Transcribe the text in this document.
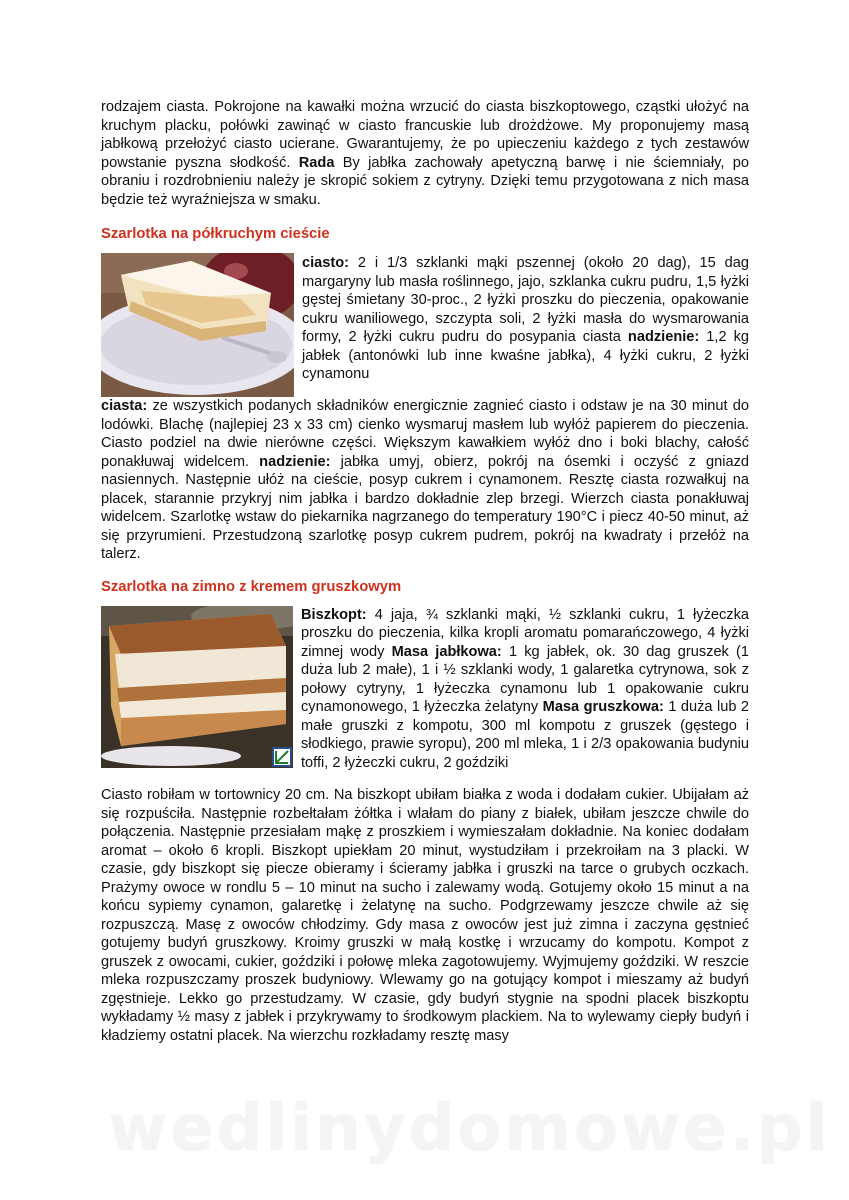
rodzajem ciasta. Pokrojone na kawałki można wrzucić do ciasta biszkoptowego, cząstki ułożyć na kruchym placku, połówki zawinąć w ciasto francuskie lub drożdżowe. My proponujemy masą jabłkową przełożyć ciasto ucierane. Gwarantujemy, że po upieczeniu każdego z tych zestawów powstanie pyszna słodkość. Rada By jabłka zachowały apetyczną barwę i nie ściemniały, po obraniu i rozdrobnieniu należy je skropić sokiem z cytryny. Dzięki temu przygotowana z nich masa będzie też wyraźniejsza w smaku.

Szarlotka na półkruchym cieście

ciasto: 2 i 1/3 szklanki mąki pszennej (około 20 dag), 15 dag margaryny lub masła roślinnego, jajo, szklanka cukru pudru, 1,5 łyżki gęstej śmietany 30-proc., 2 łyżki proszku do pieczenia, opakowanie cukru waniliowego, szczypta soli, 2 łyżki masła do wysmarowania formy, 2 łyżki cukru pudru do posypania ciasta nadzienie: 1,2 kg jabłek (antonówki lub inne kwaśne jabłka), 4 łyżki cukru, 2 łyżki cynamonu

ciasta: ze wszystkich podanych składników energicznie zagnieć ciasto i odstaw je na 30 minut do lodówki. Blachę (najlepiej 23 x 33 cm) cienko wysmaruj masłem lub wyłóż papierem do pieczenia. Ciasto podziel na dwie nierówne części. Większym kawałkiem wyłóż dno i boki blachy, całość ponakłuwaj widelcem. nadzienie: jabłka umyj, obierz, pokrój na ósemki i oczyść z gniazd nasiennych. Następnie ułóż na cieście, posyp cukrem i cynamonem. Resztę ciasta rozwałkuj na placek, starannie przykryj nim jabłka i bardzo dokładnie zlep brzegi. Wierzch ciasta ponakłuwaj widelcem. Szarlotkę wstaw do piekarnika nagrzanego do temperatury 190°C i piecz 40-50 minut, aż się przyrumieni. Przestudzoną szarlotkę posyp cukrem pudrem, pokrój na kwadraty i przełóż na talerz.

Szarlotka na zimno z kremem gruszkowym

Biszkopt: 4 jaja, ¾ szklanki mąki, ½ szklanki cukru, 1 łyżeczka proszku do pieczenia, kilka kropli aromatu pomarańczowego, 4 łyżki zimnej wody Masa jabłkowa: 1 kg jabłek, ok. 30 dag gruszek (1 duża lub 2 małe), 1 i ½ szklanki wody, 1 galaretka cytrynowa, sok z połowy cytryny, 1 łyżeczka cynamonu lub 1 opakowanie cukru cynamonowego, 1 łyżeczka żelatyny Masa gruszkowa: 1 duża lub 2 małe gruszki z kompotu, 300 ml kompotu z gruszek (gęstego i słodkiego, prawie syropu), 200 ml mleka, 1 i 2/3 opakowania budyniu toffi, 2 łyżeczki cukru, 2 goździki

Ciasto robiłam w tortownicy 20 cm. Na biszkopt ubiłam białka z woda i dodałam cukier. Ubijałam aż się rozpuściła. Następnie rozbełtałam żółtka i wlałam do piany z białek, ubiłam jeszcze chwile do połączenia. Następnie przesiałam mąkę z proszkiem i wymieszałam dokładnie. Na koniec dodałam aromat – około 6 kropli. Biszkopt upiekłam 20 minut, wystudziłam i przekroiłam na 3 placki. W czasie, gdy biszkopt się piecze obieramy i ścieramy jabłka i gruszki na tarce o grubych oczkach. Prażymy owoce w rondlu 5 – 10 minut na sucho i zalewamy wodą. Gotujemy około 15 minut a na końcu sypiemy cynamon, galaretkę i żelatynę na sucho. Podgrzewamy jeszcze chwile aż się rozpuszczą. Masę z owoców chłodzimy. Gdy masa z owoców jest już zimna i zaczyna gęstnieć gotujemy budyń gruszkowy. Kroimy gruszki w małą kostkę i wrzucamy do kompotu. Kompot z gruszek z owocami, cukier, goździki i połowę mleka zagotowujemy. Wyjmujemy goździki. W reszcie mleka rozpuszczamy proszek budyniowy. Wlewamy go na gotujący kompot i mieszamy aż budyń zgęstnieje. Lekko go przestudzamy. W czasie, gdy budyń stygnie na spodni placek biszkoptu wykładamy ½ masy z jabłek i przykrywamy to środkowym plackiem. Na to wylewamy ciepły budyń i kładziemy ostatni placek. Na wierzchu rozkładamy resztę masy

wedlinydomowe.pl
